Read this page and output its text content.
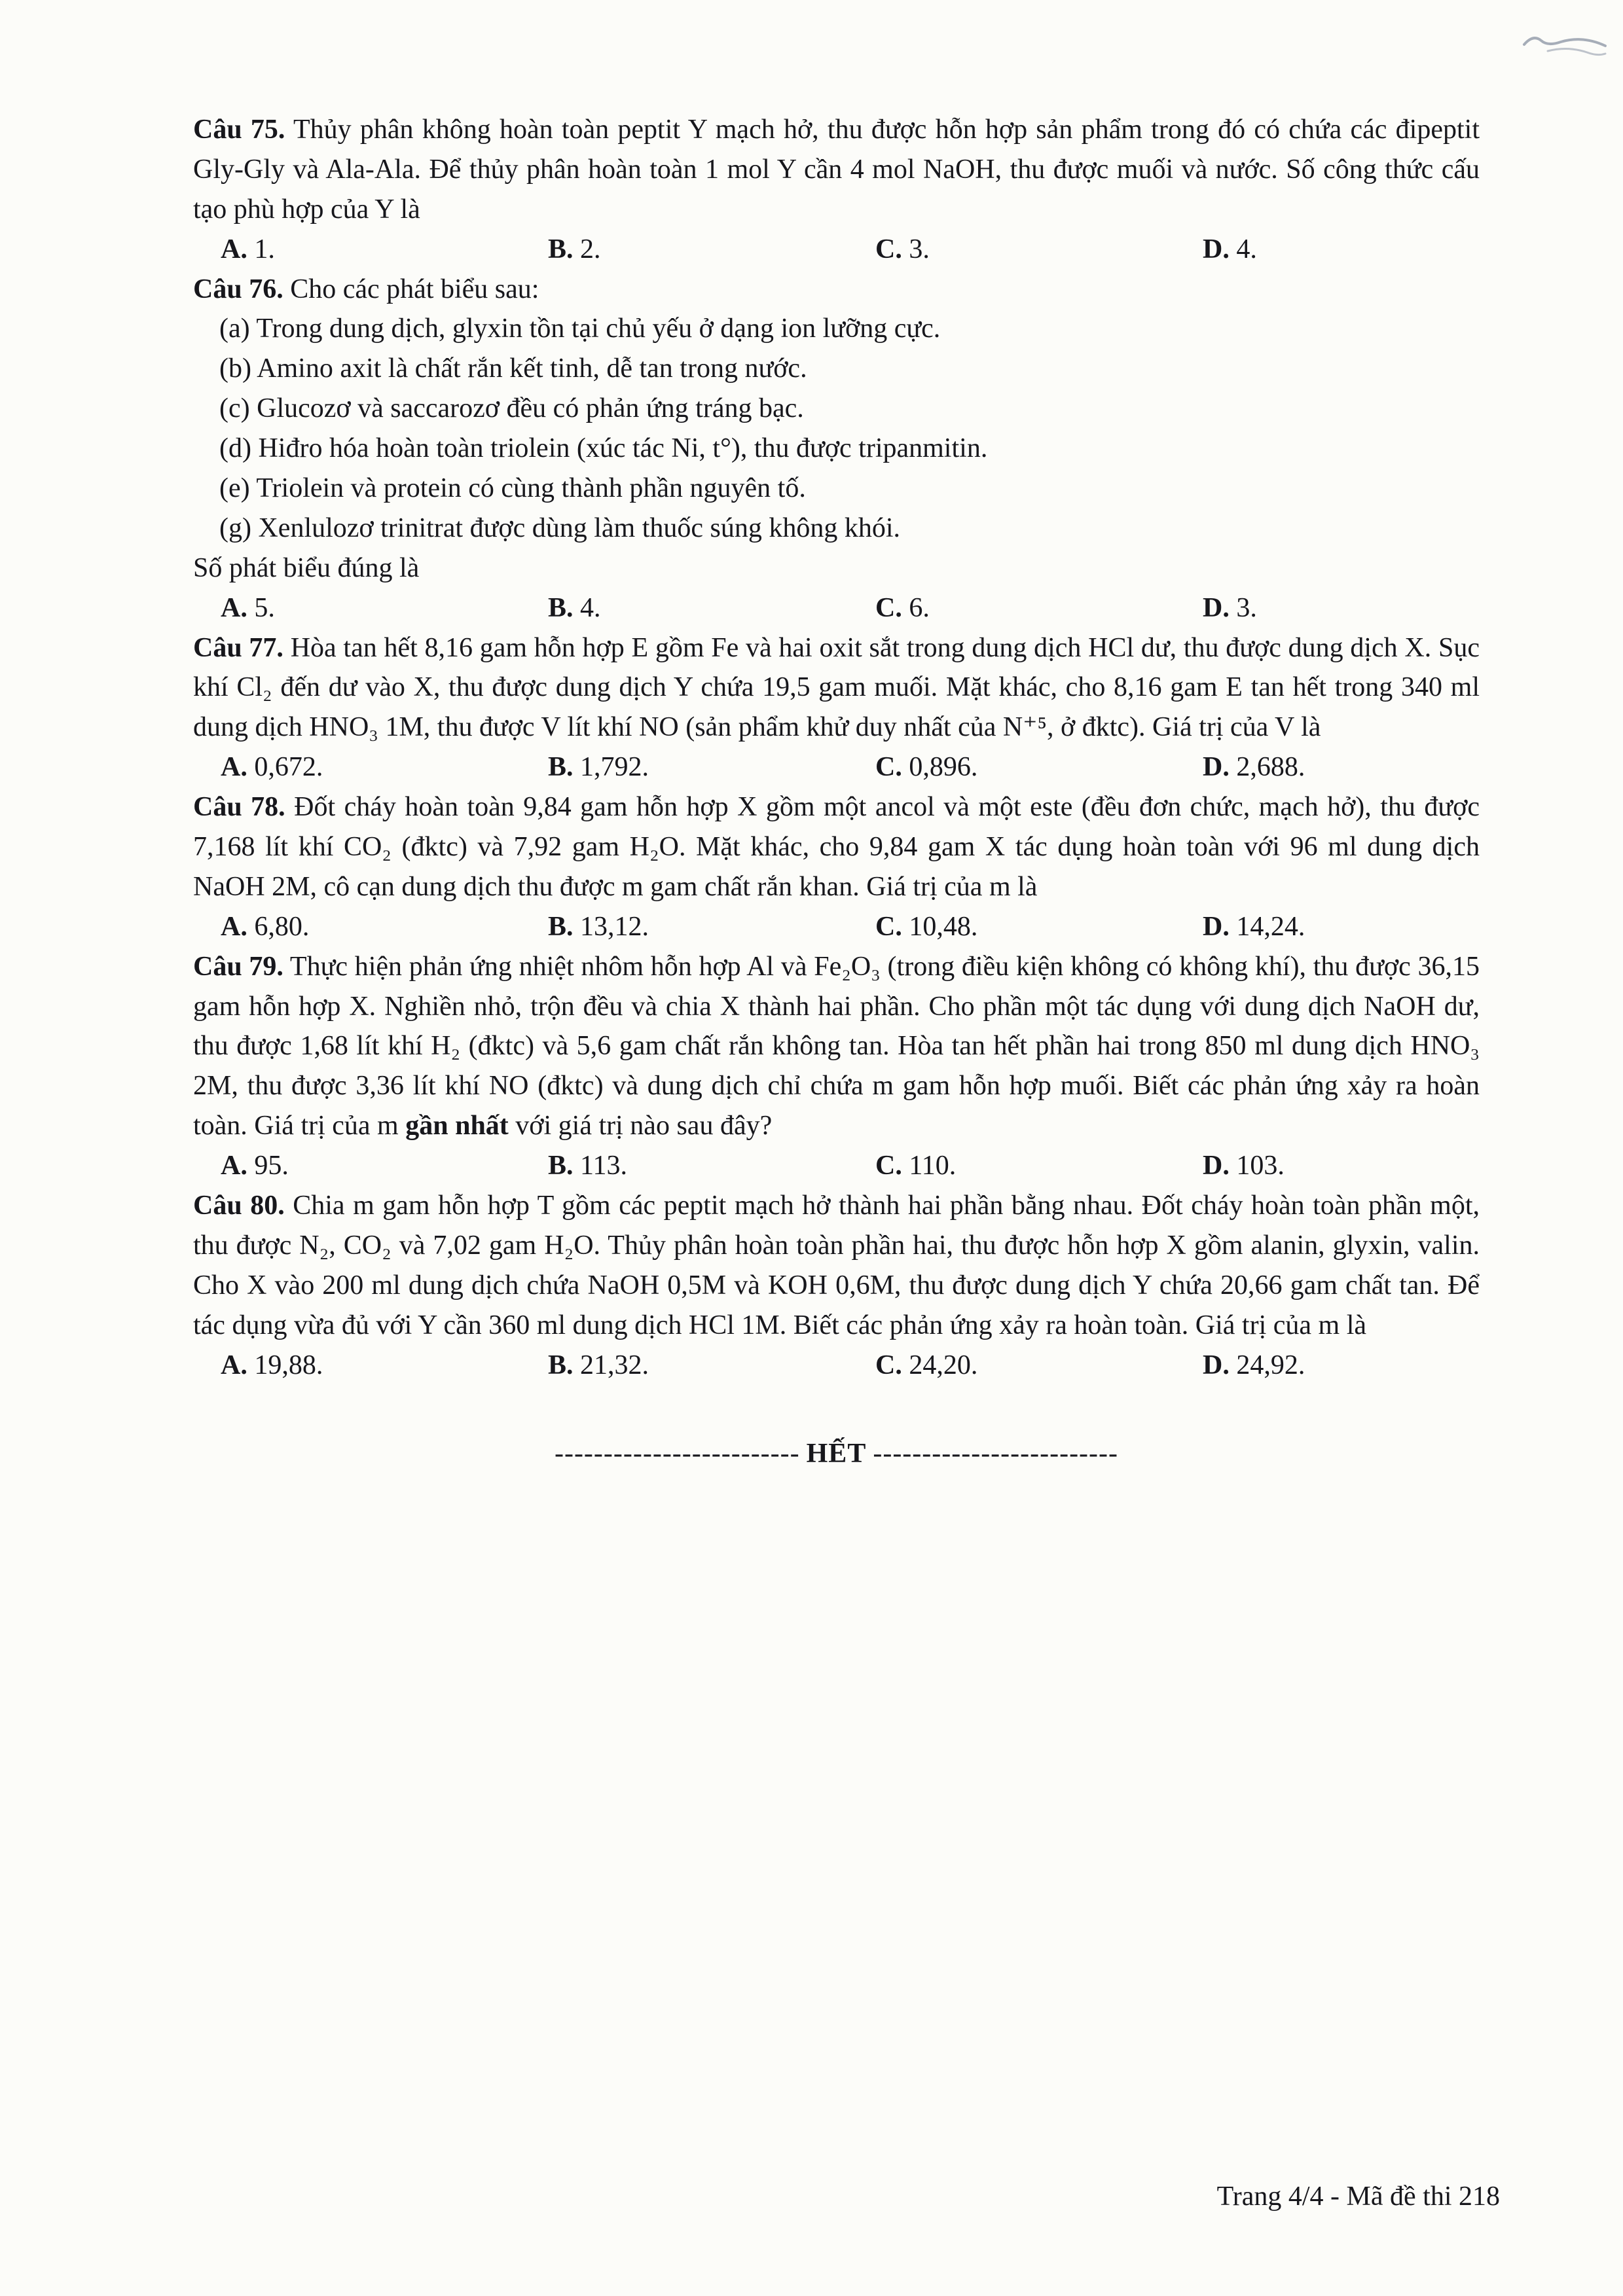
Câu 75. Thủy phân không hoàn toàn peptit Y mạch hở, thu được hỗn hợp sản phẩm trong đó có chứa các đipeptit Gly-Gly và Ala-Ala. Để thủy phân hoàn toàn 1 mol Y cần 4 mol NaOH, thu được muối và nước. Số công thức cấu tạo phù hợp của Y là

A. 1.	B. 2.	C. 3.	D. 4.

Câu 76. Cho các phát biểu sau:

(a) Trong dung dịch, glyxin tồn tại chủ yếu ở dạng ion lưỡng cực.

(b) Amino axit là chất rắn kết tinh, dễ tan trong nước.

(c) Glucozơ và saccarozơ đều có phản ứng tráng bạc.

(d) Hiđro hóa hoàn toàn triolein (xúc tác Ni, t°), thu được tripanmitin.

(e) Triolein và protein có cùng thành phần nguyên tố.

(g) Xenlulozơ trinitrat được dùng làm thuốc súng không khói.

Số phát biểu đúng là

A. 5.	B. 4.	C. 6.	D. 3.

Câu 77. Hòa tan hết 8,16 gam hỗn hợp E gồm Fe và hai oxit sắt trong dung dịch HCl dư, thu được dung dịch X. Sục khí Cl₂ đến dư vào X, thu được dung dịch Y chứa 19,5 gam muối. Mặt khác, cho 8,16 gam E tan hết trong 340 ml dung dịch HNO₃ 1M, thu được V lít khí NO (sản phẩm khử duy nhất của N⁺⁵, ở đktc). Giá trị của V là

A. 0,672.	B. 1,792.	C. 0,896.	D. 2,688.

Câu 78. Đốt cháy hoàn toàn 9,84 gam hỗn hợp X gồm một ancol và một este (đều đơn chức, mạch hở), thu được 7,168 lít khí CO₂ (đktc) và 7,92 gam H₂O. Mặt khác, cho 9,84 gam X tác dụng hoàn toàn với 96 ml dung dịch NaOH 2M, cô cạn dung dịch thu được m gam chất rắn khan. Giá trị của m là

A. 6,80.	B. 13,12.	C. 10,48.	D. 14,24.

Câu 79. Thực hiện phản ứng nhiệt nhôm hỗn hợp Al và Fe₂O₃ (trong điều kiện không có không khí), thu được 36,15 gam hỗn hợp X. Nghiền nhỏ, trộn đều và chia X thành hai phần. Cho phần một tác dụng với dung dịch NaOH dư, thu được 1,68 lít khí H₂ (đktc) và 5,6 gam chất rắn không tan. Hòa tan hết phần hai trong 850 ml dung dịch HNO₃ 2M, thu được 3,36 lít khí NO (đktc) và dung dịch chỉ chứa m gam hỗn hợp muối. Biết các phản ứng xảy ra hoàn toàn. Giá trị của m gần nhất với giá trị nào sau đây?

A. 95.	B. 113.	C. 110.	D. 103.

Câu 80. Chia m gam hỗn hợp T gồm các peptit mạch hở thành hai phần bằng nhau. Đốt cháy hoàn toàn phần một, thu được N₂, CO₂ và 7,02 gam H₂O. Thủy phân hoàn toàn phần hai, thu được hỗn hợp X gồm alanin, glyxin, valin. Cho X vào 200 ml dung dịch chứa NaOH 0,5M và KOH 0,6M, thu được dung dịch Y chứa 20,66 gam chất tan. Để tác dụng vừa đủ với Y cần 360 ml dung dịch HCl 1M. Biết các phản ứng xảy ra hoàn toàn. Giá trị của m là

A. 19,88.	B. 21,32.	C. 24,20.	D. 24,92.

------------------------- HẾT -------------------------

Trang 4/4 - Mã đề thi 218
